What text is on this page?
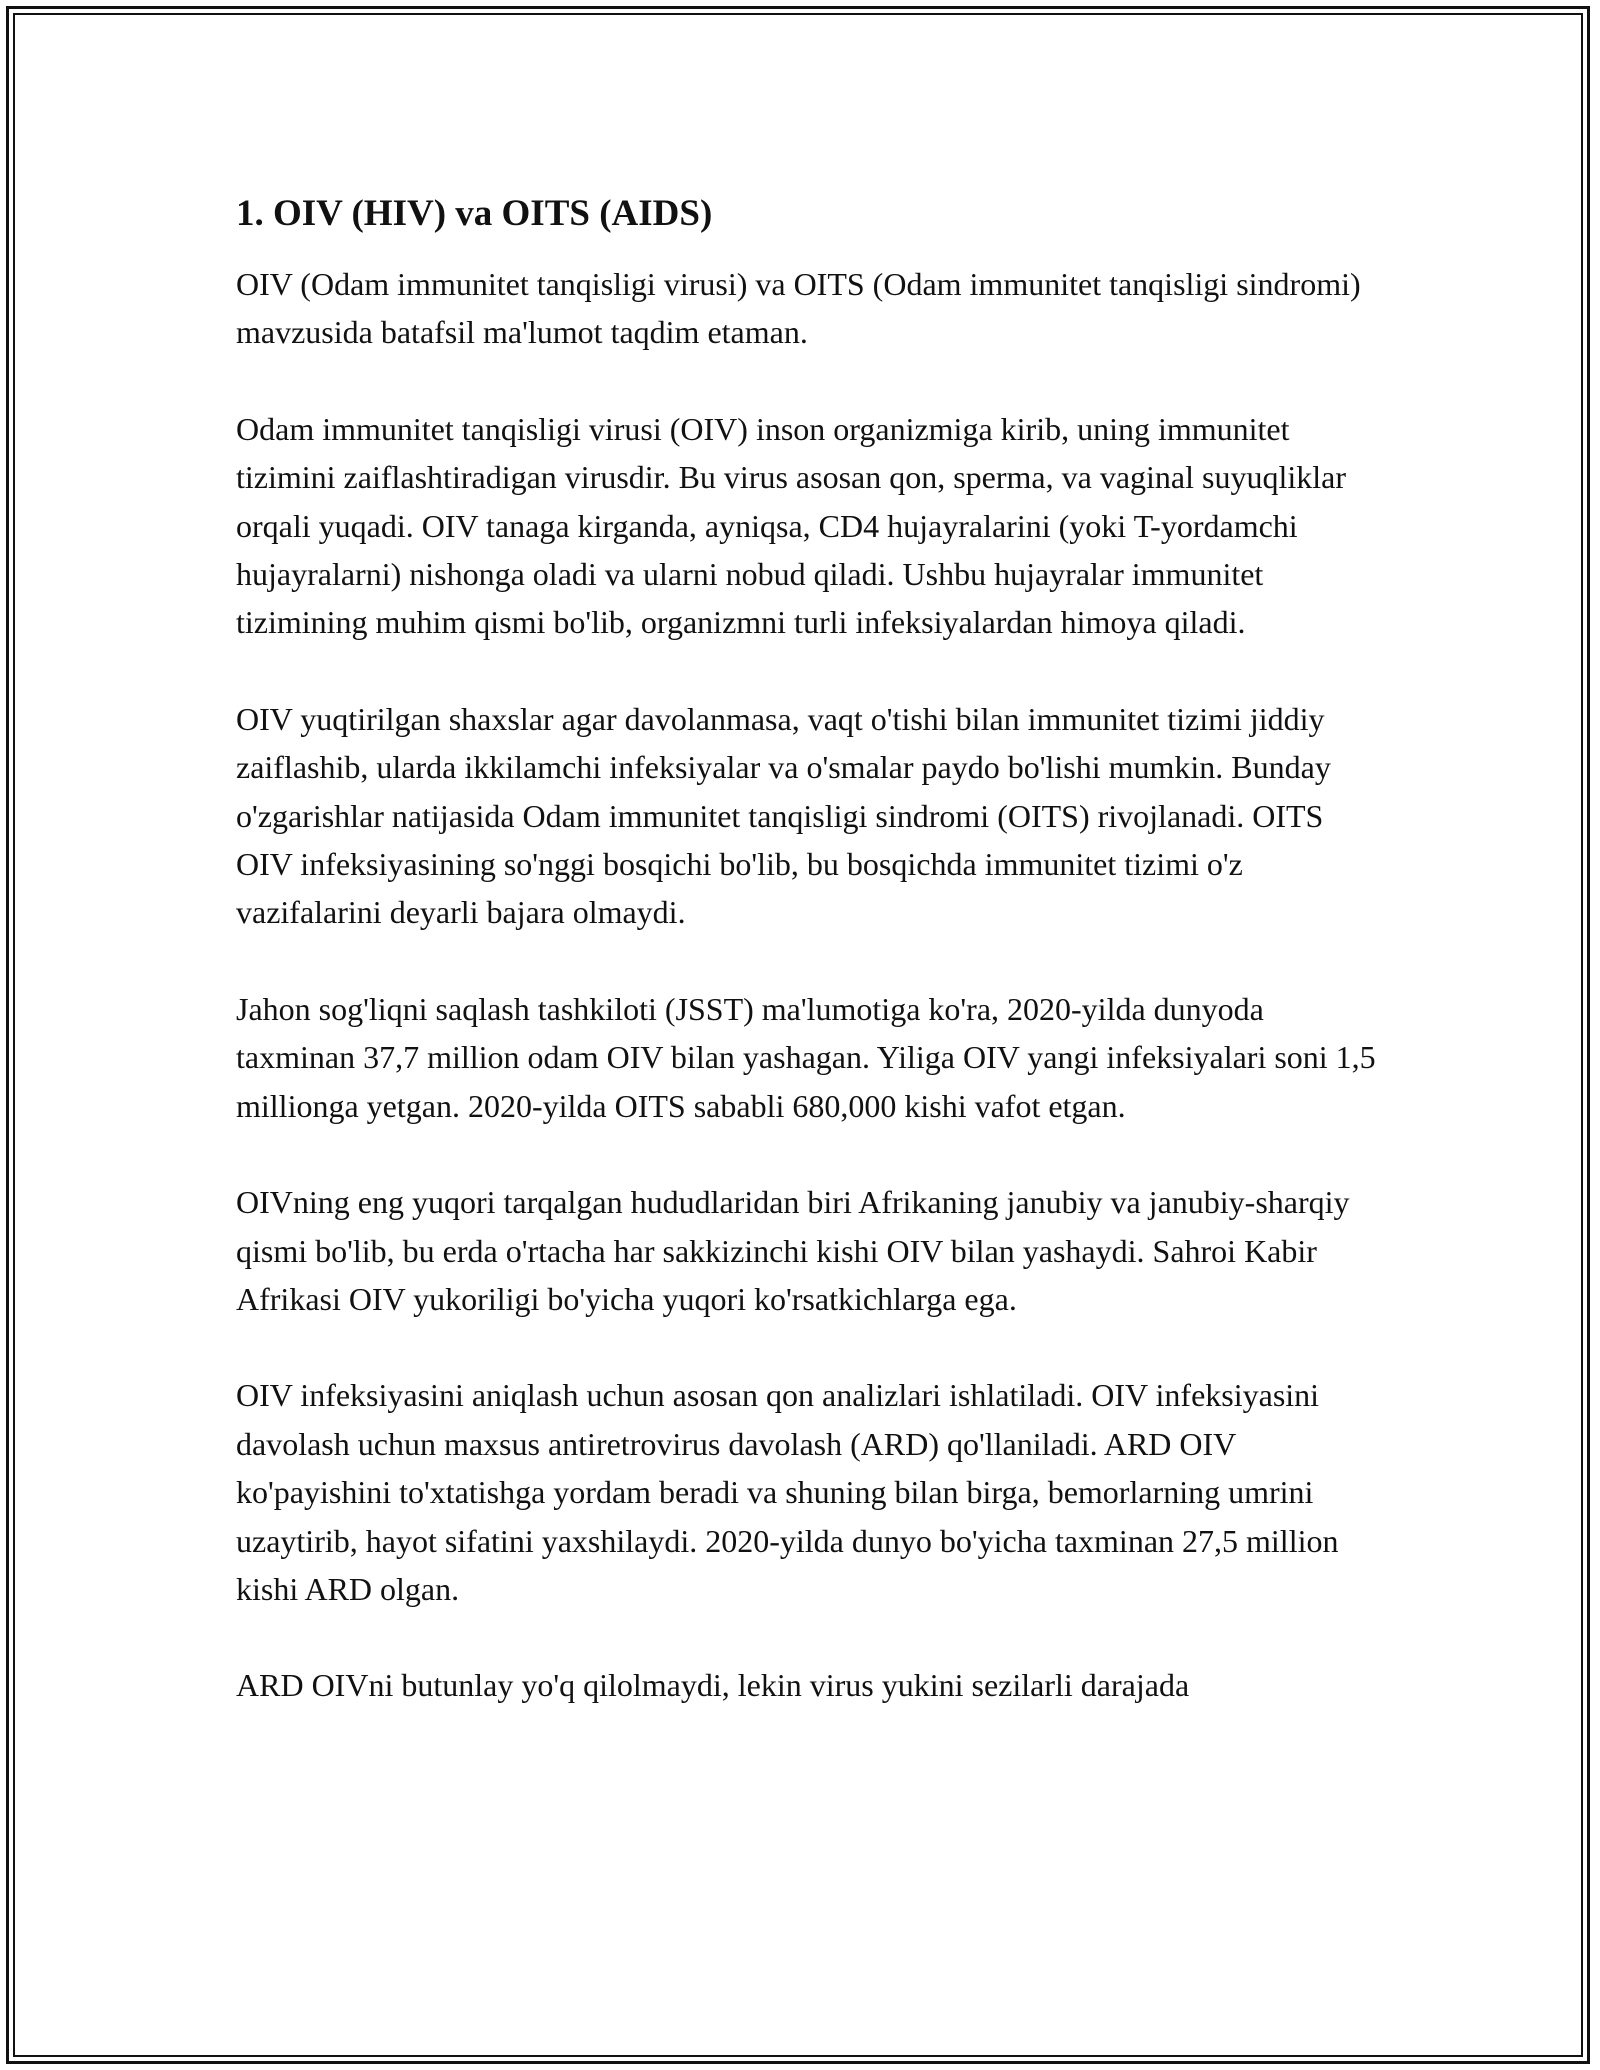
1. OIV (HIV) va OITS (AIDS)

OIV (Odam immunitet tanqisligi virusi) va OITS (Odam immunitet tanqisligi sindromi) mavzusida batafsil ma'lumot taqdim etaman.

Odam immunitet tanqisligi virusi (OIV) inson organizmiga kirib, uning immunitet tizimini zaiflashtiradigan virusdir. Bu virus asosan qon, sperma, va vaginal suyuqliklar orqali yuqadi. OIV tanaga kirganda, ayniqsa, CD4 hujayralarini (yoki T-yordamchi hujayralarni) nishonga oladi va ularni nobud qiladi. Ushbu hujayralar immunitet tizimining muhim qismi bo'lib, organizmni turli infeksiyalardan himoya qiladi.

OIV yuqtirilgan shaxslar agar davolanmasa, vaqt o'tishi bilan immunitet tizimi jiddiy zaiflashib, ularda ikkilamchi infeksiyalar va o'smalar paydo bo'lishi mumkin. Bunday o'zgarishlar natijasida Odam immunitet tanqisligi sindromi (OITS) rivojlanadi. OITS OIV infeksiyasining so'nggi bosqichi bo'lib, bu bosqichda immunitet tizimi o'z vazifalarini deyarli bajara olmaydi.

Jahon sog'liqni saqlash tashkiloti (JSST) ma'lumotiga ko'ra, 2020-yilda dunyoda taxminan 37,7 million odam OIV bilan yashagan. Yiliga OIV yangi infeksiyalari soni 1,5 millionga yetgan. 2020-yilda OITS sababli 680,000 kishi vafot etgan.

OIVning eng yuqori tarqalgan hududlaridan biri Afrikaning janubiy va janubiy-sharqiy qismi bo'lib, bu erda o'rtacha har sakkizinchi kishi OIV bilan yashaydi. Sahroi Kabir Afrikasi OIV yukoriligi bo'yicha yuqori ko'rsatkichlarga ega.

OIV infeksiyasini aniqlash uchun asosan qon analizlari ishlatiladi. OIV infeksiyasini davolash uchun maxsus antiretrovirus davolash (ARD) qo'llaniladi. ARD OIV ko'payishini to'xtatishga yordam beradi va shuning bilan birga, bemorlarning umrini uzaytirib, hayot sifatini yaxshilaydi. 2020-yilda dunyo bo'yicha taxminan 27,5 million kishi ARD olgan.

ARD OIVni butunlay yo'q qilolmaydi, lekin virus yukini sezilarli darajada
